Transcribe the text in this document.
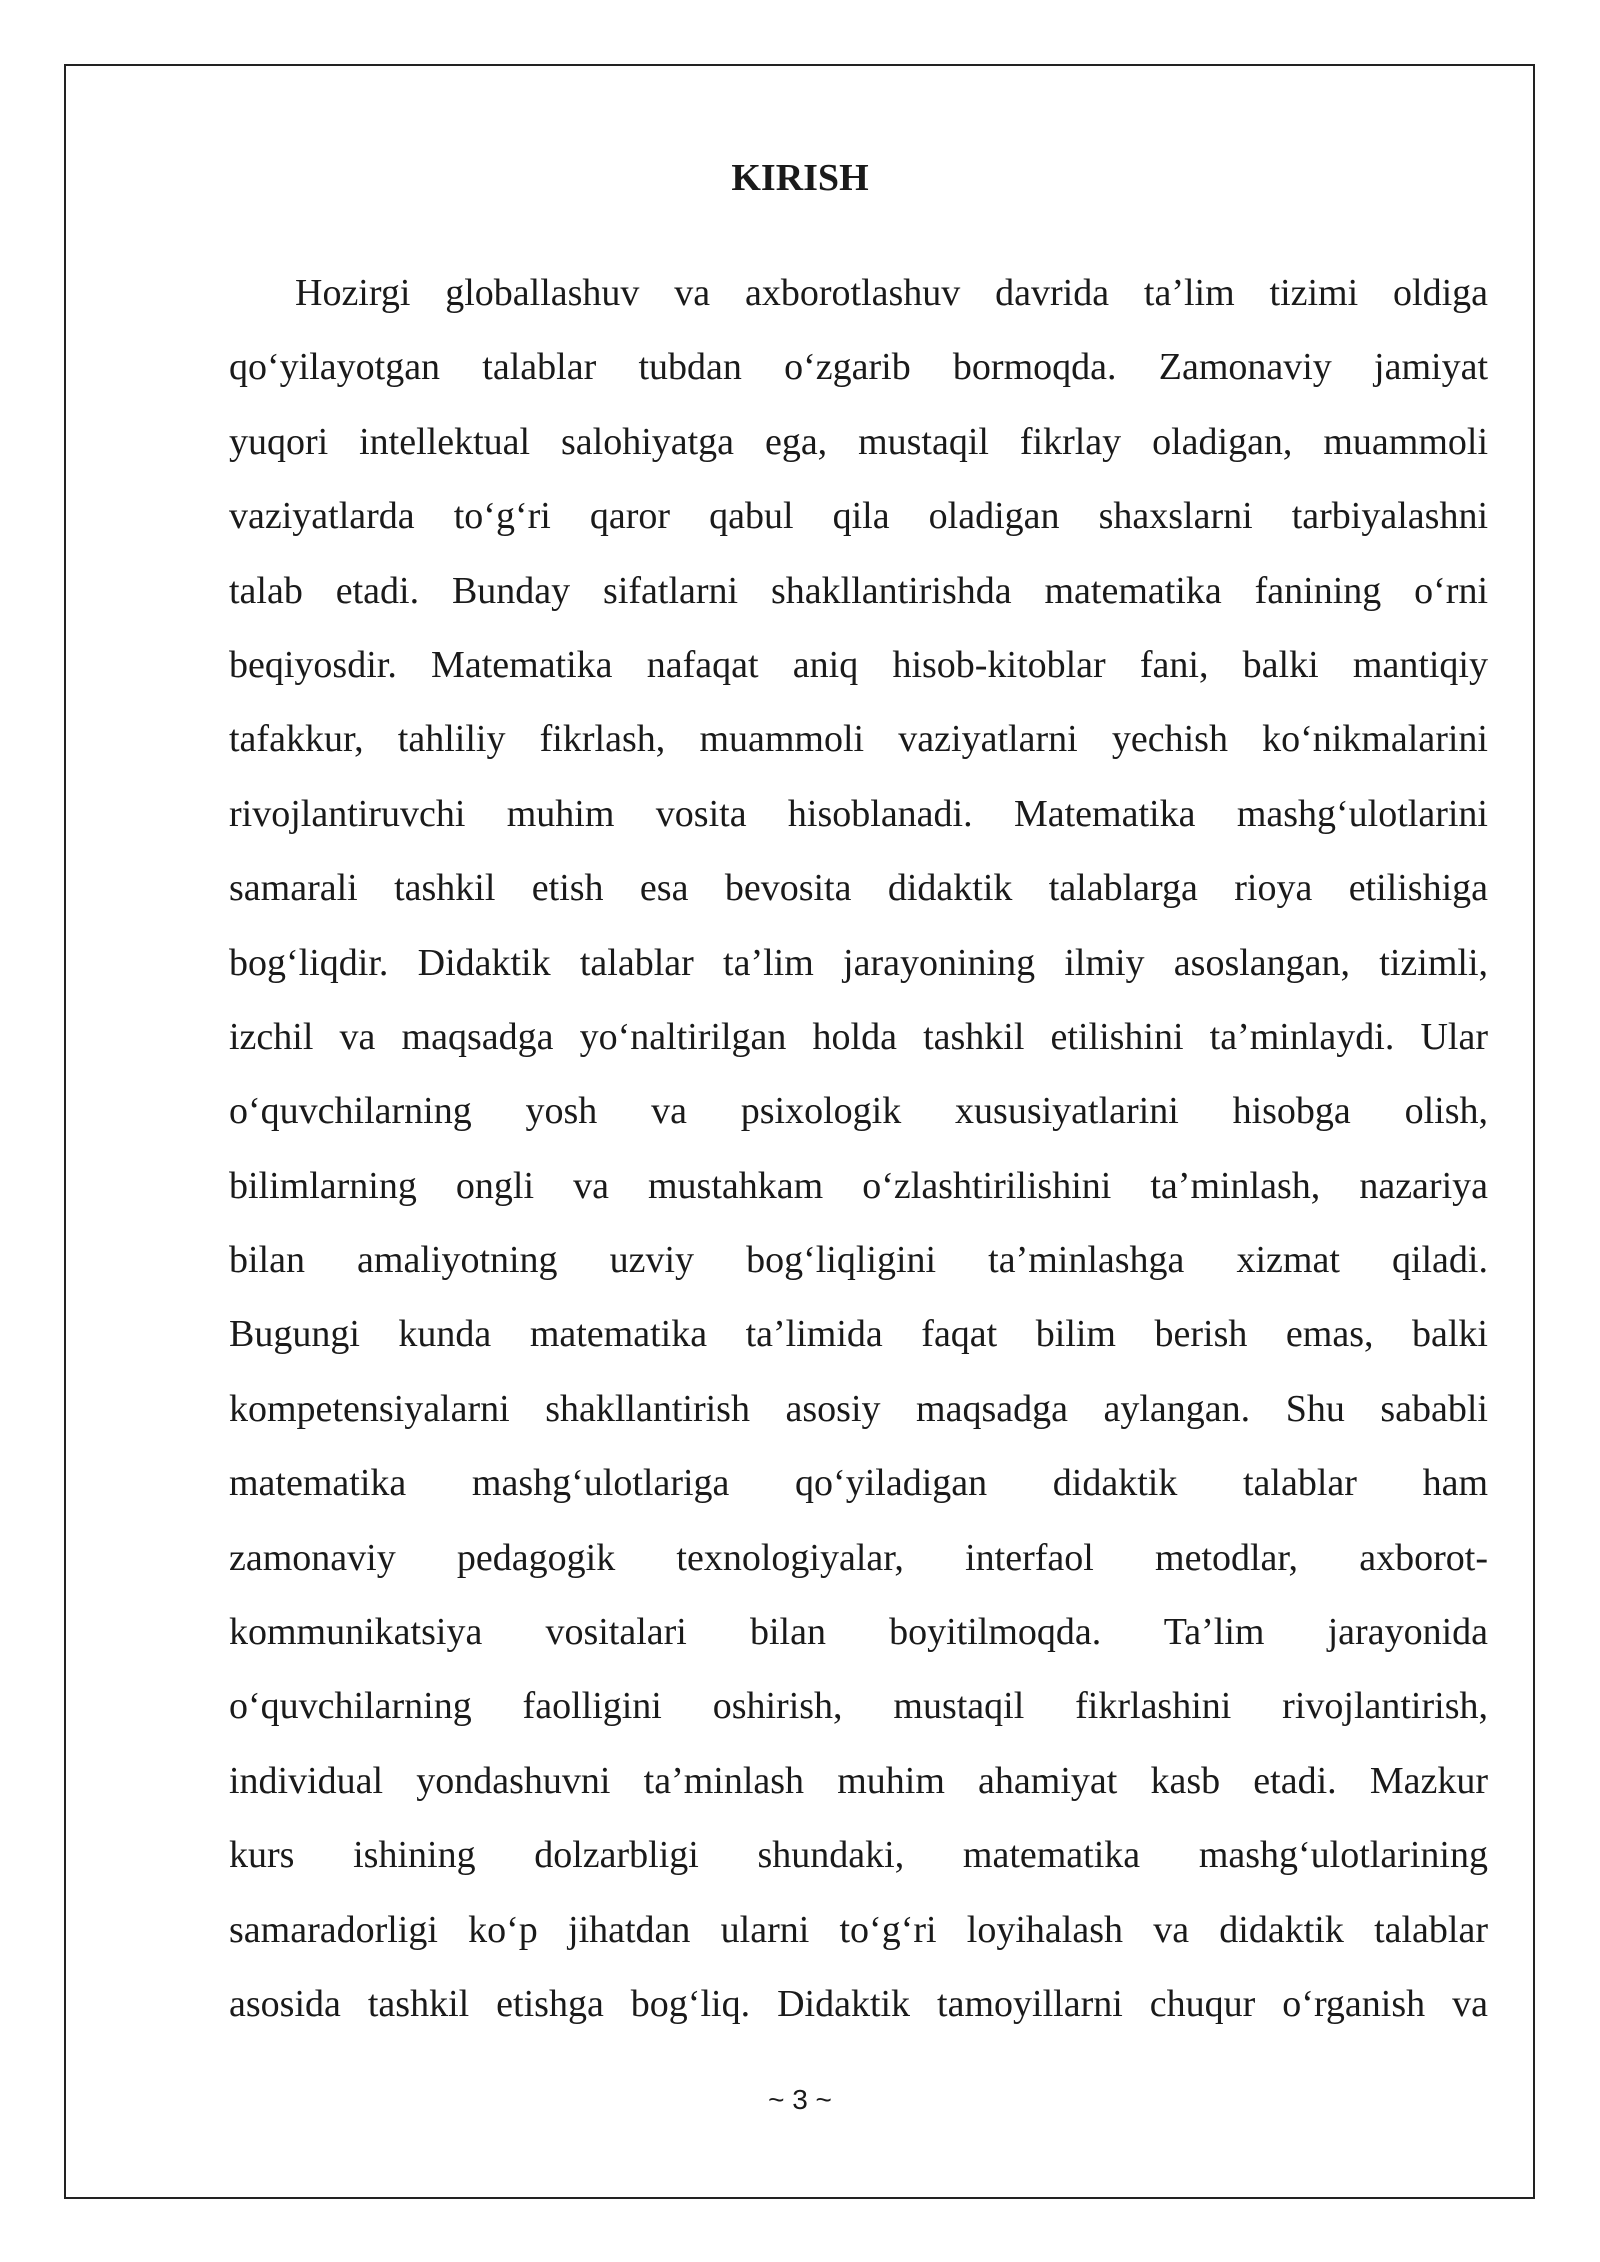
KIRISH
Hozirgi globallashuv va axborotlashuv davrida ta’lim tizimi oldiga
qo‘yilayotgan talablar tubdan o‘zgarib bormoqda. Zamonaviy jamiyat
yuqori intellektual salohiyatga ega, mustaqil fikrlay oladigan, muammoli
vaziyatlarda to‘g‘ri qaror qabul qila oladigan shaxslarni tarbiyalashni
talab etadi. Bunday sifatlarni shakllantirishda matematika fanining o‘rni
beqiyosdir. Matematika nafaqat aniq hisob-kitoblar fani, balki mantiqiy
tafakkur, tahliliy fikrlash, muammoli vaziyatlarni yechish ko‘nikmalarini
rivojlantiruvchi muhim vosita hisoblanadi. Matematika mashg‘ulotlarini
samarali tashkil etish esa bevosita didaktik talablarga rioya etilishiga
bog‘liqdir. Didaktik talablar ta’lim jarayonining ilmiy asoslangan, tizimli,
izchil va maqsadga yo‘naltirilgan holda tashkil etilishini ta’minlaydi. Ular
o‘quvchilarning yosh va psixologik xususiyatlarini hisobga olish,
bilimlarning ongli va mustahkam o‘zlashtirilishini ta’minlash, nazariya
bilan amaliyotning uzviy bog‘liqligini ta’minlashga xizmat qiladi.
Bugungi kunda matematika ta’limida faqat bilim berish emas, balki
kompetensiyalarni shakllantirish asosiy maqsadga aylangan. Shu sababli
matematika mashg‘ulotlariga qo‘yiladigan didaktik talablar ham
zamonaviy pedagogik texnologiyalar, interfaol metodlar, axborot-
kommunikatsiya vositalari bilan boyitilmoqda. Ta’lim jarayonida
o‘quvchilarning faolligini oshirish, mustaqil fikrlashini rivojlantirish,
individual yondashuvni ta’minlash muhim ahamiyat kasb etadi. Mazkur
kurs ishining dolzarbligi shundaki, matematika mashg‘ulotlarining
samaradorligi ko‘p jihatdan ularni to‘g‘ri loyihalash va didaktik talablar
asosida tashkil etishga bog‘liq. Didaktik tamoyillarni chuqur o‘rganish va
~ 3 ~
